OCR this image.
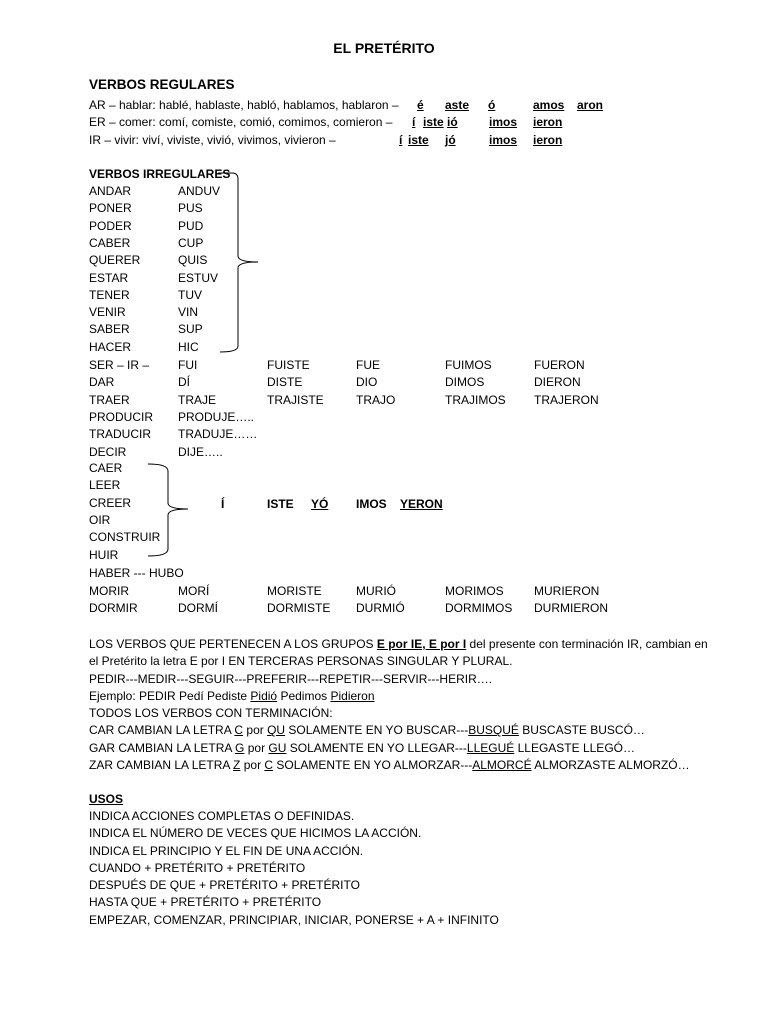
EL PRETÉRITO
VERBOS REGULARES
AR – hablar: hablé, hablaste, habló, hablamos, hablaron – é aste ó	amos aron
ER – comer: comí, comiste, comió, comimos, comieron – í iste ió	imos ieron
IR – vivir: viví, viviste, vivió, vivimos, vivieron –	í iste jó	imos ieron
VERBOS IRREGULARES
ANDAR	ANDUV
PONER	PUS
PODER	PUD
CABER	CUP
QUERER	QUIS
ESTAR	ESTUV
TENER	TUV
VENIR	VIN
SABER	SUP
HACER	HIC
SER – IR – FUI	FUISTE	FUE	FUIMOS	FUERON
DAR	DÍ	DISTE	DIO	DIMOS	DIERON
TRAER	TRAJE	TRAJISTE	TRAJO	TRAJIMOS TRAJERON
PRODUCIR PRODUJE…..
TRADUCIR TRADUJE……
DECIR	DIJE…..
CAER
LEER
CREER
OIR
CONSTRUIR
HUIR
Í	ISTE YÓ IMOS YERON
HABER --- HUBO
MORIR	MORÍ	MORISTE	MURIÓ	MORIMOS	MURIERON
DORMIR	DORMÍ	DORMISTE DURMIÓ	DORMIMOS DURMIERON
LOS VERBOS QUE PERTENECEN A LOS GRUPOS E por IE, E por I del presente con terminación IR, cambian en
el Pretérito la letra E por I EN TERCERAS PERSONAS SINGULAR Y PLURAL.
PEDIR---MEDIR---SEGUIR---PREFERIR---REPETIR---SERVIR---HERIR….
Ejemplo: PEDIR Pedí Pediste Pidió Pedimos Pidieron
TODOS LOS VERBOS CON TERMINACIÓN:
CAR CAMBIAN LA LETRA C por QU SOLAMENTE EN YO BUSCAR---BUSQUÉ BUSCASTE BUSCÓ…
GAR CAMBIAN LA LETRA G por GU SOLAMENTE EN YO LLEGAR---LLEGUÉ LLEGASTE LLEGÓ…
ZAR CAMBIAN LA LETRA Z por C SOLAMENTE EN YO ALMORZAR---ALMORCÉ ALMORZASTE ALMORZÓ…
USOS
INDICA ACCIONES COMPLETAS O DEFINIDAS.
INDICA EL NÚMERO DE VECES QUE HICIMOS LA ACCIÓN.
INDICA EL PRINCIPIO Y EL FIN DE UNA ACCIÓN.
CUANDO + PRETÉRITO + PRETÉRITO
DESPUÉS DE QUE + PRETÉRITO + PRETÉRITO
HASTA QUE + PRETÉRITO + PRETÉRITO
EMPEZAR, COMENZAR, PRINCIPIAR, INICIAR, PONERSE + A + INFINITO
